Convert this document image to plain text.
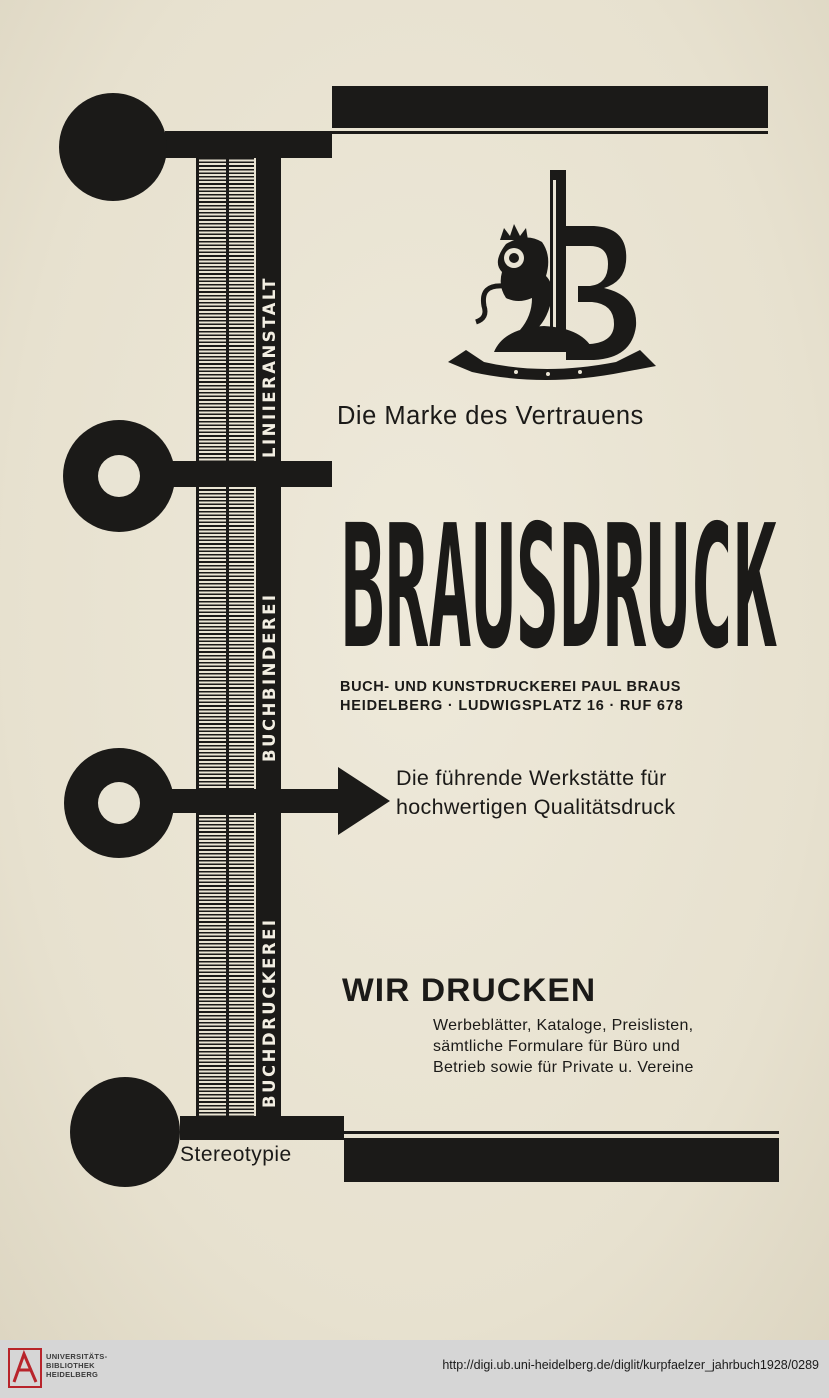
LINIIERANSTALT
BUCHBINDEREI
BUCHDRUCKEREI
Stereotypie
Die Marke des Vertrauens
BRAUSDRUCK
BUCH- UND KUNSTDRUCKEREI PAUL BRAUS
HEIDELBERG · LUDWIGSPLATZ 16 · RUF 678
Die führende Werkstätte für
hochwertigen Qualitätsdruck
WIR DRUCKEN
Werbeblätter, Kataloge, Preislisten,
sämtliche Formulare für Büro und
Betrieb sowie für Private u. Vereine
UNIVERSITÄTS-
BIBLIOTHEK
HEIDELBERG
http://digi.ub.uni-heidelberg.de/diglit/kurpfaelzer_jahrbuch1928/0289
